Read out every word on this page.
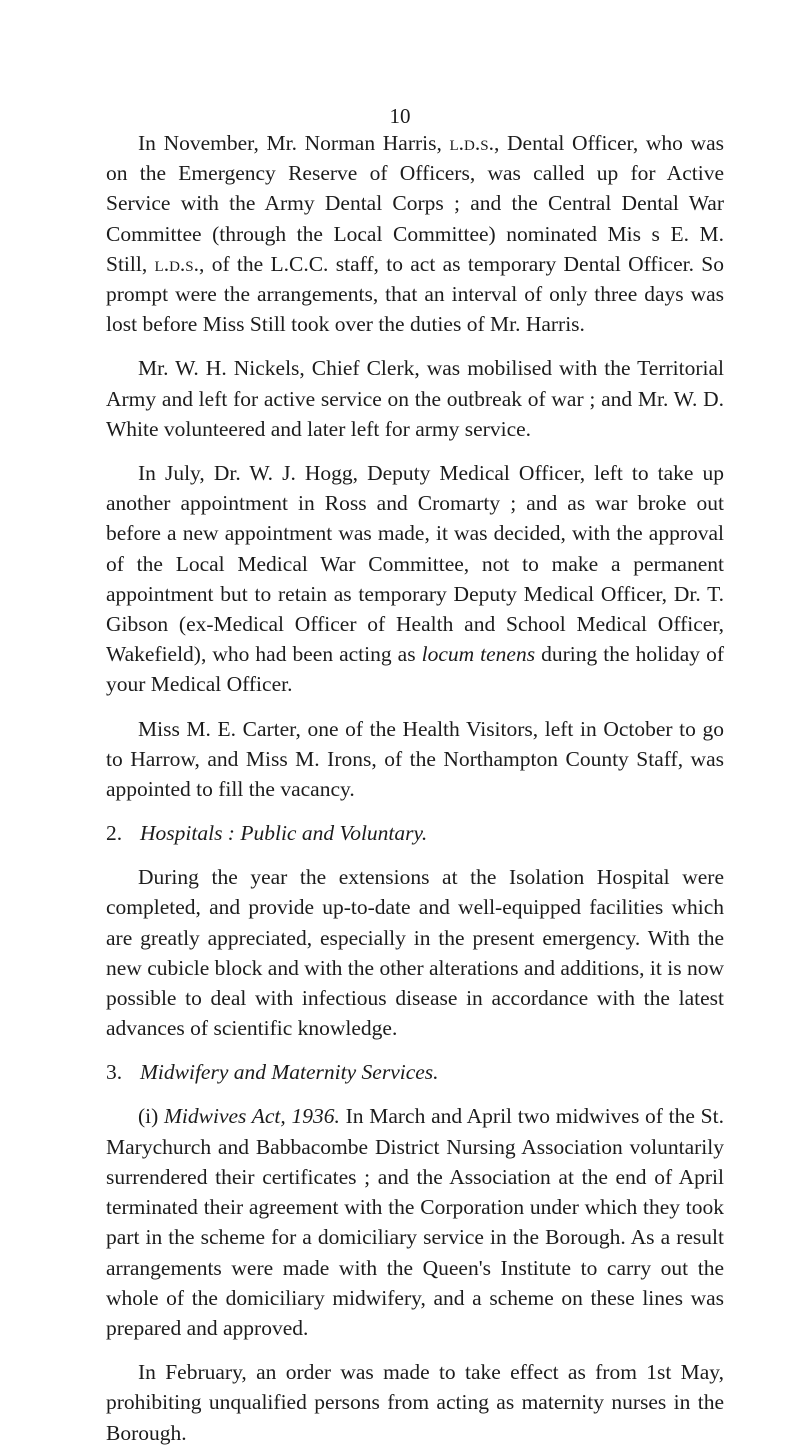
10

In November, Mr. Norman Harris, l.d.s., Dental Officer, who was on the Emergency Reserve of Officers, was called up for Active Service with the Army Dental Corps ; and the Central Dental War Committee (through the Local Committee) nominated Mis s E. M. Still, l.d.s., of the L.C.C. staff, to act as temporary Dental Officer. So prompt were the arrangements, that an interval of only three days was lost before Miss Still took over the duties of Mr. Harris.

Mr. W. H. Nickels, Chief Clerk, was mobilised with the Territorial Army and left for active service on the outbreak of war ; and Mr. W. D. White volunteered and later left for army service.

In July, Dr. W. J. Hogg, Deputy Medical Officer, left to take up another appointment in Ross and Cromarty ; and as war broke out before a new appointment was made, it was decided, with the approval of the Local Medical War Committee, not to make a permanent appointment but to retain as temporary Deputy Medical Officer, Dr. T. Gibson (ex-Medical Officer of Health and School Medical Officer, Wakefield), who had been acting as locum tenens during the holiday of your Medical Officer.

Miss M. E. Carter, one of the Health Visitors, left in October to go to Harrow, and Miss M. Irons, of the Northampton County Staff, was appointed to fill the vacancy.

2. Hospitals : Public and Voluntary.

During the year the extensions at the Isolation Hospital were completed, and provide up-to-date and well-equipped facilities which are greatly appreciated, especially in the present emergency. With the new cubicle block and with the other alterations and additions, it is now possible to deal with infectious disease in accordance with the latest advances of scientific knowledge.

3. Midwifery and Maternity Services.

(i) Midwives Act, 1936. In March and April two midwives of the St. Marychurch and Babbacombe District Nursing Association voluntarily surrendered their certificates ; and the Association at the end of April terminated their agreement with the Corporation under which they took part in the scheme for a domiciliary service in the Borough. As a result arrangements were made with the Queen's Institute to carry out the whole of the domiciliary midwifery, and a scheme on these lines was prepared and approved.

In February, an order was made to take effect as from 1st May, prohibiting unqualified persons from acting as maternity nurses in the Borough.
